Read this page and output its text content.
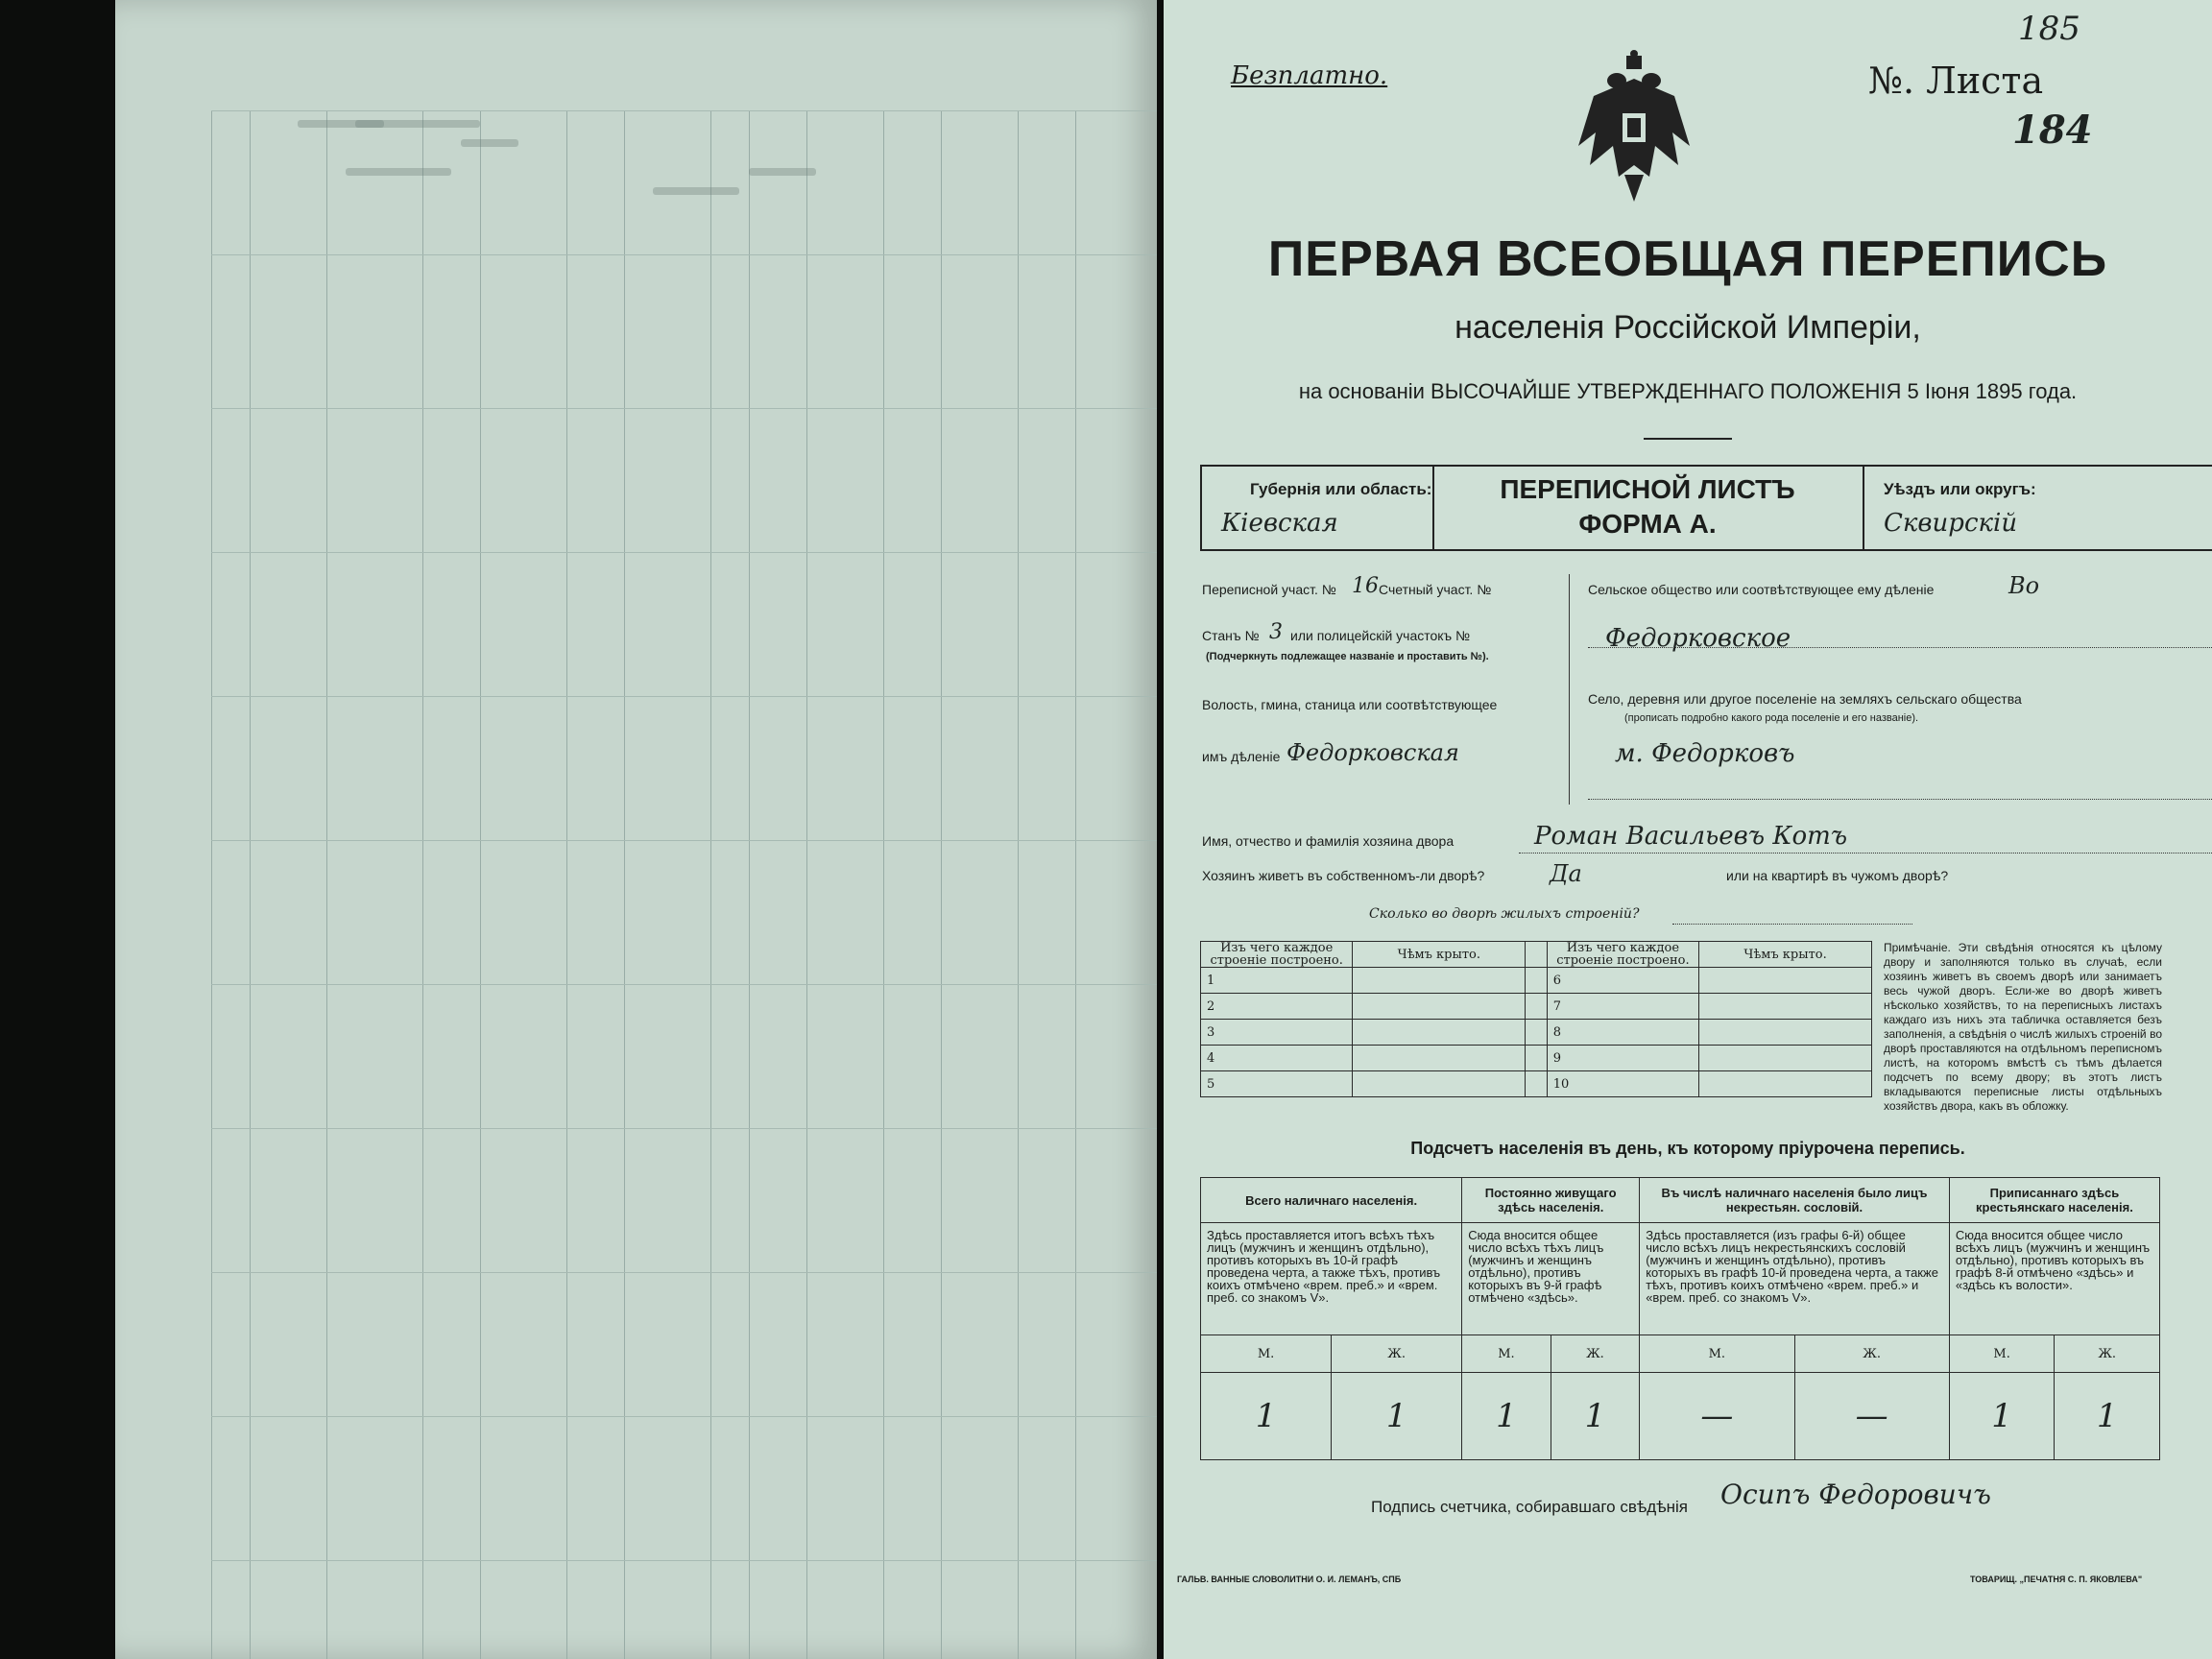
185
Безплатно.	№. Листа
184
ПЕРВАЯ ВСЕОБЩАЯ ПЕРЕПИСЬ
населенія Россійской Имперіи,
на основаніи ВЫСОЧАЙШЕ УТВЕРЖДЕННАГО ПОЛОЖЕНІЯ 5 Іюня 1895 года.
Губернія или область:
Кіевская
ПЕРЕПИСНОЙ ЛИСТЪ
ФОРМА А.
Уѣздъ или округъ:
Сквирскій
Переписной участ. № 16 Счетный участ. №
Станъ № 3 или полицейскій участокъ №
(Подчеркнуть подлежащее названіе и проставить №).
Волость, гмина, станица или соотвѣтствующее
имъ дѣленіе Федорковская
Сельское общество или соотвѣтствующее ему дѣленіе	Во
Федорковское
Село, деревня или другое поселеніе на земляхъ сельскаго общества
(прописать подробно какого рода поселеніе и его названіе).
м. Федорковъ
Имя, отчество и фамилія хозяина двора	Роман Васильевъ Котъ
Хозяинъ живетъ въ собственномъ-ли дворѣ?	Да	или на квартирѣ въ чужомъ дворѣ?
Сколько во дворѣ жилыхъ строеній?
Изъ чего каждое строеніе построено.	Чѣмъ крыто.		Изъ чего каждое строеніе построено.	Чѣмъ крыто.
1			6	
2			7	
3			8	
4			9	
5			10	
Примѣчаніе. Эти свѣдѣнія относятся къ цѣлому двору и заполняются только въ случаѣ, если хозяинъ живетъ въ своемъ дворѣ или занимаетъ весь чужой дворъ. Если-же во дворѣ живетъ нѣсколько хозяйствъ, то на переписныхъ листахъ каждаго изъ нихъ эта табличка оставляется безъ заполненія, а свѣдѣнія о числѣ жилыхъ строеній во дворѣ проставляются на отдѣльномъ переписномъ листѣ, на которомъ вмѣстѣ съ тѣмъ дѣлается подсчетъ по всему двору; въ этотъ листъ вкладываются переписные листы отдѣльныхъ хозяйствъ двора, какъ въ обложку.
Подсчетъ населенія въ день, къ которому пріурочена перепись.
Всего наличнаго населенія.		Постоянно живущаго здѣсь населенія.		Въ числѣ наличнаго населенія было лицъ некрестьян. сословій.		Приписаннаго здѣсь крестьянскаго населенія.	
Здѣсь проставляется итогъ всѣхъ тѣхъ лицъ (мужчинъ и женщинъ отдѣльно), противъ которыхъ въ 10-й графѣ проведена черта, а также тѣхъ, противъ коихъ отмѣчено «врем. преб.» и «врем. преб. со знакомъ V».		Сюда вносится общее число всѣхъ тѣхъ лицъ (мужчинъ и женщинъ отдѣльно), противъ которыхъ въ 9-й графѣ отмѣчено «здѣсь».		Здѣсь проставляется (изъ графы 6-й) общее число всѣхъ лицъ некрестьянскихъ сословій (мужчинъ и женщинъ отдѣльно), противъ которыхъ въ графѣ 10-й проведена черта, а также тѣхъ, противъ коихъ отмѣчено «врем. преб.» и «врем. преб. со знакомъ V».		Сюда вносится общее число всѣхъ лицъ (мужчинъ и женщинъ отдѣльно), противъ которыхъ въ графѣ 8-й отмѣчено «здѣсь» и «здѣсь къ волости».	
М.	Ж.	М.	Ж.	М.	Ж.	М.	Ж.
1	1	1	1	—	—	1	1
Подпись счетчика, собиравшаго свѣдѣнія Осипъ Федоровичъ
ГАЛЬВ. ВАННЫЕ СЛОВОЛИТНИ О. И. ЛЕМАНЪ, СПБ	ТОВАРИЩ. „ПЕЧАТНЯ С. П. ЯКОВЛЕВА"
